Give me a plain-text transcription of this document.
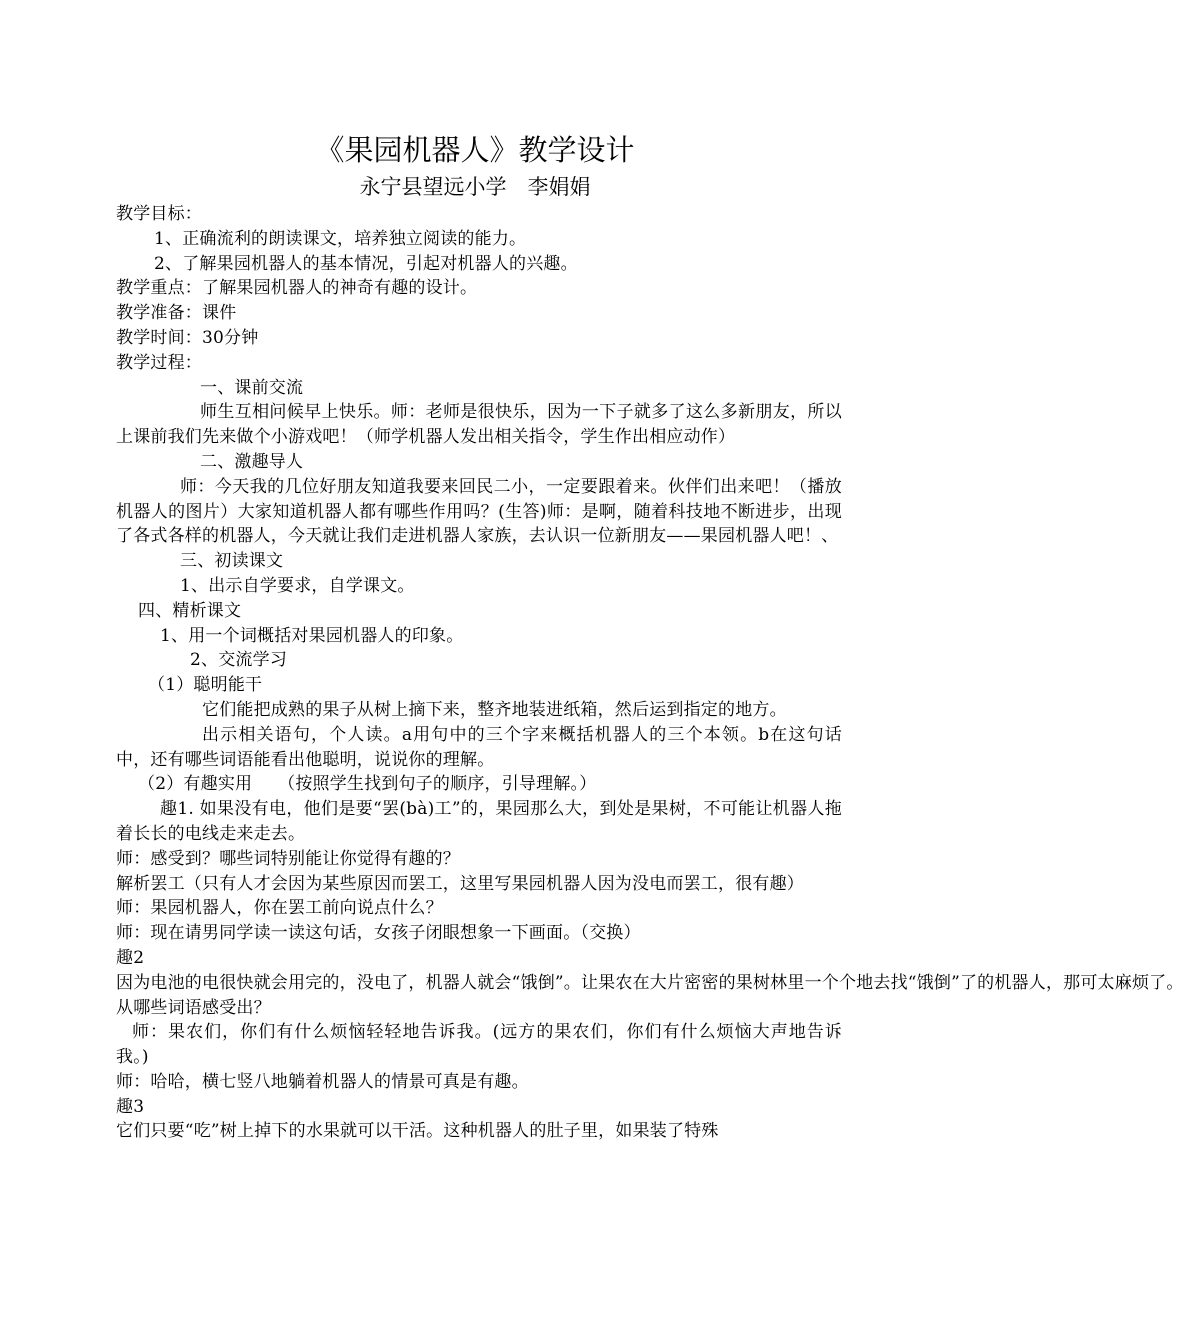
《果园机器人》教学设计
永宁县望远小学　李娟娟

教学目标：

1、正确流利的朗读课文，培养独立阅读的能力。

2、了解果园机器人的基本情况，引起对机器人的兴趣。

教学重点：了解果园机器人的神奇有趣的设计。

教学准备：课件

教学时间：30分钟

教学过程：

一、课前交流

师生互相问候早上快乐。师：老师是很快乐，因为一下子就多了这么多新朋友，所以上课前我们先来做个小游戏吧！（师学机器人发出相关指令，学生作出相应动作）

二、激趣导人

师：今天我的几位好朋友知道我要来回民二小，一定要跟着来。伙伴们出来吧！（播放机器人的图片）大家知道机器人都有哪些作用吗？(生答)师：是啊，随着科技地不断进步，出现了各式各样的机器人，今天就让我们走进机器人家族，去认识一位新朋友——果园机器人吧！、

三、初读课文

1、出示自学要求，自学课文。

四、精析课文

1、用一个词概括对果园机器人的印象。

2、交流学习

（1）聪明能干

它们能把成熟的果子从树上摘下来，整齐地装进纸箱，然后运到指定的地方。

出示相关语句，个人读。a用句中的三个字来概括机器人的三个本领。b在这句话中，还有哪些词语能看出他聪明，说说你的理解。

（2）有趣实用　　（按照学生找到句子的顺序，引导理解。）

趣1. 如果没有电，他们是要“罢(bà)工”的，果园那么大，到处是果树，不可能让机器人拖着长长的电线走来走去。

师：感受到？哪些词特别能让你觉得有趣的？

解析罢工（只有人才会因为某些原因而罢工，这里写果园机器人因为没电而罢工，很有趣）

师：果园机器人，你在罢工前向说点什么？

师：现在请男同学读一读这句话，女孩子闭眼想象一下画面。（交换）

趣2

因为电池的电很快就会用完的，没电了，机器人就会“饿倒”。让果农在大片密密的果树林里一个个地去找“饿倒”了的机器人，那可太麻烦了。

从哪些词语感受出？

师：果农们，你们有什么烦恼轻轻地告诉我。(远方的果农们，你们有什么烦恼大声地告诉我。)

师：哈哈，横七竖八地躺着机器人的情景可真是有趣。

趣3

它们只要“吃”树上掉下的水果就可以干活。这种机器人的肚子里，如果装了特殊
